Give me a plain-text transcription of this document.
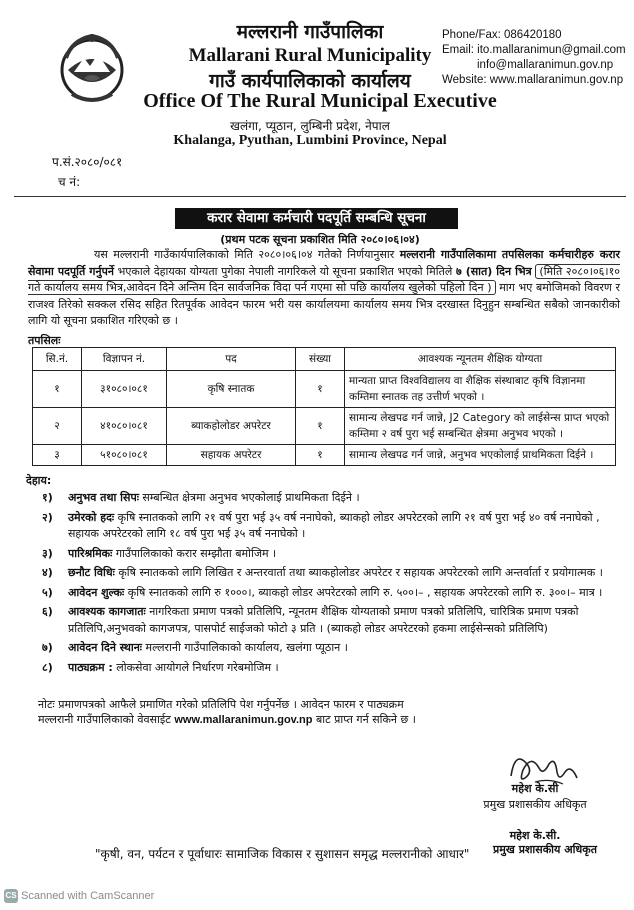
मल्लरानी गाउँपालिका
Mallarani Rural Municipality
गाउँ कार्यपालिकाको कार्यालय
Office Of The Rural Municipal Executive
खलंगा, प्यूठान, लुम्बिनी प्रदेश, नेपाल
Khalanga, Pyuthan, Lumbini Province, Nepal
Phone/Fax: 086420180
Email: ito.mallaranimun@gmail.com
info@mallaranimun.gov.np
Website: www.mallaranimun.gov.np
प.सं.२०८०/०८१
च नं:
करार सेवामा कर्मचारी पदपूर्ति सम्बन्धि सूचना
(प्रथम पटक सूचना प्रकाशित मिति २०८०।०६।०४)
यस मल्लरानी गाउँकार्यपालिकाको मिति २०८०।०६।०४ गतेको निर्णयानुसार मल्लरानी गाउँपालिकामा तपसिलका कर्मचारीहरु करार सेवामा पदपूर्ति गर्नुपर्ने भएकाले देहायका योग्यता पुगेका नेपाली नागरिकले यो सूचना प्रकाशित भएको मितिले ७ (सात) दिन भित्र (मिति २०८०।०६।१० गते कार्यालय समय भित्र,आवेदन दिने अन्तिम दिन सार्वजनिक विदा पर्न गएमा सो पछि कार्यालय खुलेको पहिलो दिन ) माग भए बमोजिमको विवरण र राजश्व तिरेको सक्कल रसिद सहित रितपूर्वक आवेदन फारम भरी यस कार्यालयमा कार्यालय समय भित्र दरखास्त दिनुहुन सम्बन्धित सबैको जानकारीको लागि यो सूचना प्रकाशित गरिएको छ ।
तपसिलः
सि.नं.	विज्ञापन नं.	पद	संख्या	आवश्यक न्यूनतम शैक्षिक योग्यता
१	३१०८०।०८१	कृषि स्नातक	१	मान्यता प्राप्त विश्वविद्यालय वा शैक्षिक संस्थाबाट कृषि विज्ञानमा कम्तिमा स्नातक तह उत्तीर्ण भएको ।
२	४१०८०।०८१	ब्याकहोलोडर अपरेटर	१	सामान्य लेखपढ गर्न जान्ने, J2 Category को लाईसेन्स प्राप्त भएको कम्तिमा २ वर्ष पुरा भई सम्बन्धित क्षेत्रमा अनुभव भएको ।
३	५१०८०।०८१	सहायक अपरेटर	१	सामान्य लेखपढ गर्न जान्ने, अनुभव भएकोलाई प्राथमिकता दिईने ।
देहाय:
१)	अनुभव तथा सिपः सम्बन्धित क्षेत्रमा अनुभव भएकोलाई प्राथमिकता दिईने ।
२)	उमेरको हदः कृषि स्नातकको लागि २१ वर्ष पुरा भई ३५ वर्ष ननाघेको, ब्याकहो लोडर अपरेटरको लागि २१ वर्ष पुरा भई ४० वर्ष ननाघेको , सहायक अपरेटरको लागि १८ वर्ष पुरा भई ३५ वर्ष ननाघेको ।
३)	पारिश्रमिकः गाउँपालिकाको करार सम्झौता बमोजिम ।
४)	छनौट विधिः कृषि स्नातकको लागि लिखित र अन्तरवार्ता तथा ब्याकहोलोडर अपरेटर र सहायक अपरेटरको लागि अन्तर्वार्ता र प्रयोगात्मक ।
५)	आवेदन शुल्कः कृषि स्नातकको लागि रु १०००।, ब्याकहो लोडर अपरेटरको लागि रु. ५००।– , सहायक अपरेटरको लागि रु. ३००।– मात्र ।
६)	आवश्यक कागजातः नागरिकता प्रमाण पत्रको प्रतिलिपि, न्यूनतम शैक्षिक योग्यताको प्रमाण पत्रको प्रतिलिपि, चारित्रिक प्रमाण पत्रको प्रतिलिपि,अनुभवको कागजपत्र, पासपोर्ट साईजको फोटो ३ प्रति । (ब्याकहो लोडर अपरेटरको हकमा लाईसेन्सको प्रतिलिपि)
७)	आवेदन दिने स्थानः मल्लरानी गाउँपालिकाको कार्यालय, खलंगा प्यूठान ।
८)	पाठ्यक्रम : लोकसेवा आयोगले निर्धारण गरेबमोजिम ।
नोटः प्रमाणपत्रको आफैले प्रमाणित गरेको प्रतिलिपि पेश गर्नुपर्नेछ । आवेदन फारम र पाठ्यक्रम
मल्लरानी गाउँपालिकाको वेवसाईट www.mallaranimun.gov.np बाट प्राप्त गर्न सकिने छ ।
महेश के.सी
प्रमुख प्रशासकीय अधिकृत
महेश के.सी.
प्रमुख प्रशासकीय अधिकृत
"कृषी, वन, पर्यटन र पूर्वाधारः सामाजिक विकास र सुशासन समृद्ध मल्लरानीको आधार"
CS Scanned with CamScanner
